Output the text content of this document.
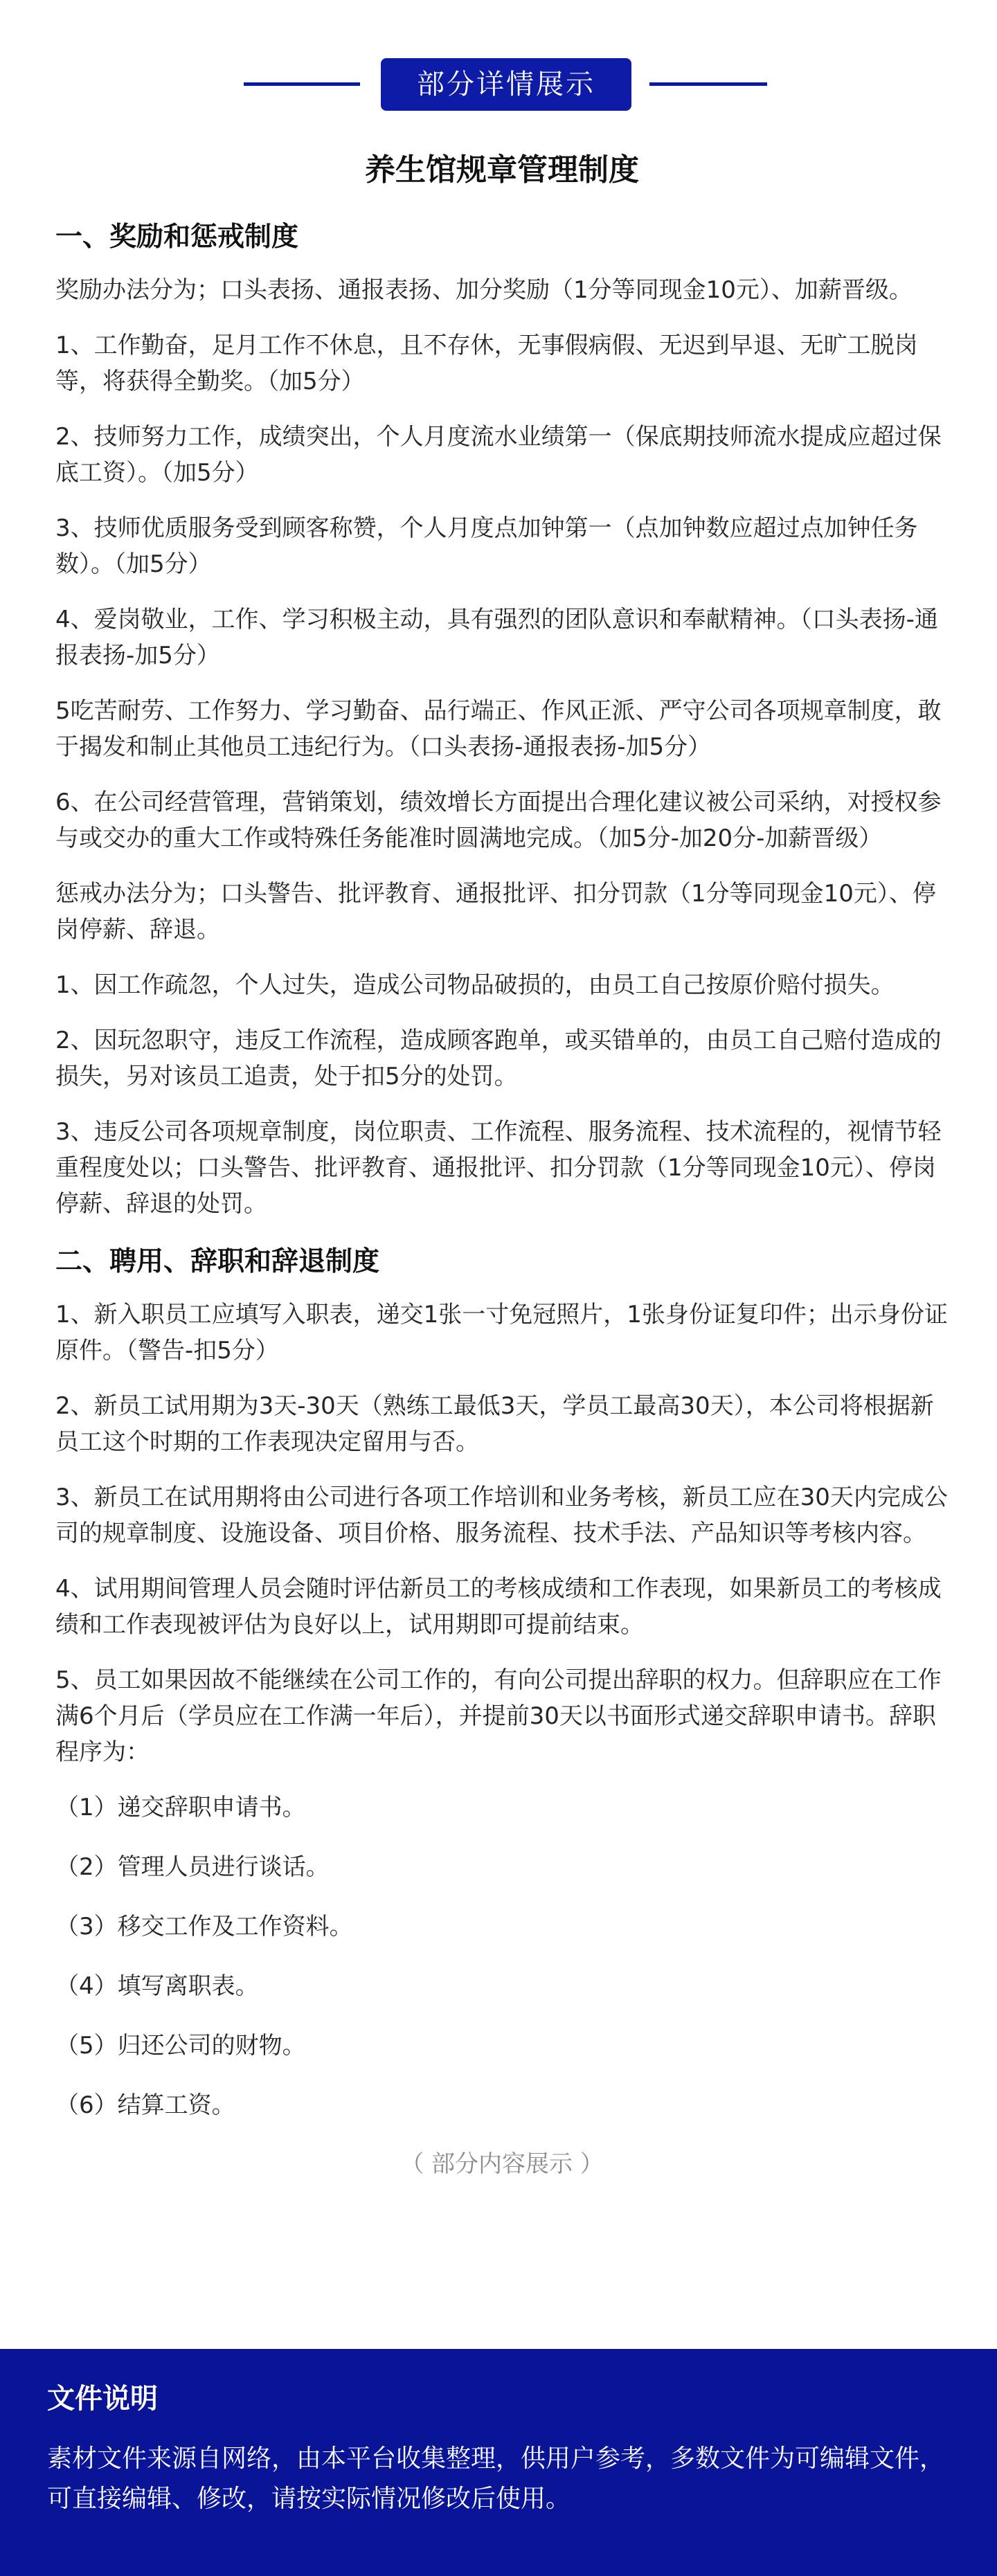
部分详情展示
养生馆规章管理制度
一、奖励和惩戒制度

奖励办法分为；口头表扬、通报表扬、加分奖励（1分等同现金10元）、加薪晋级。

1、工作勤奋，足月工作不休息，且不存休，无事假病假、无迟到早退、无旷工脱岗等，将获得全勤奖。（加5分）

2、技师努力工作，成绩突出，个人月度流水业绩第一（保底期技师流水提成应超过保底工资）。（加5分）

3、技师优质服务受到顾客称赞，个人月度点加钟第一（点加钟数应超过点加钟任务数）。（加5分）

4、爱岗敬业，工作、学习积极主动，具有强烈的团队意识和奉献精神。（口头表扬-通报表扬-加5分）

5吃苦耐劳、工作努力、学习勤奋、品行端正、作风正派、严守公司各项规章制度，敢于揭发和制止其他员工违纪行为。（口头表扬-通报表扬-加5分）

6、在公司经营管理，营销策划，绩效增长方面提出合理化建议被公司采纳，对授权参与或交办的重大工作或特殊任务能准时圆满地完成。（加5分-加20分-加薪晋级）

惩戒办法分为；口头警告、批评教育、通报批评、扣分罚款（1分等同现金10元）、停岗停薪、辞退。

1、因工作疏忽，个人过失，造成公司物品破损的，由员工自己按原价赔付损失。

2、因玩忽职守，违反工作流程，造成顾客跑单，或买错单的，由员工自己赔付造成的损失，另对该员工追责，处于扣5分的处罚。

3、违反公司各项规章制度，岗位职责、工作流程、服务流程、技术流程的，视情节轻重程度处以；口头警告、批评教育、通报批评、扣分罚款（1分等同现金10元）、停岗停薪、辞退的处罚。

二、聘用、辞职和辞退制度

1、新入职员工应填写入职表，递交1张一寸免冠照片，1张身份证复印件；出示身份证原件。（警告-扣5分）

2、新员工试用期为3天-30天（熟练工最低3天，学员工最高30天），本公司将根据新员工这个时期的工作表现决定留用与否。

3、新员工在试用期将由公司进行各项工作培训和业务考核，新员工应在30天内完成公司的规章制度、设施设备、项目价格、服务流程、技术手法、产品知识等考核内容。

4、试用期间管理人员会随时评估新员工的考核成绩和工作表现，如果新员工的考核成绩和工作表现被评估为良好以上，试用期即可提前结束。

5、员工如果因故不能继续在公司工作的，有向公司提出辞职的权力。但辞职应在工作满6个月后（学员应在工作满一年后），并提前30天以书面形式递交辞职申请书。辞职程序为：

（1）递交辞职申请书。
（2）管理人员进行谈话。
（3）移交工作及工作资料。
（4）填写离职表。
（5）归还公司的财物。
（6）结算工资。
（ 部分内容展示 ）
文件说明
素材文件来源自网络，由本平台收集整理，供用户参考，多数文件为可编辑文件，可直接编辑、修改，请按实际情况修改后使用。
